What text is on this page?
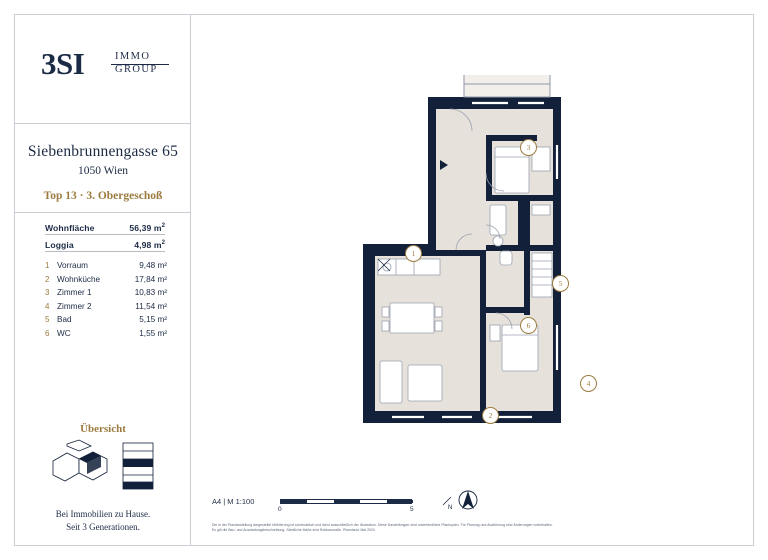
3SI	IMMO
GROUP
Siebenbrunnengasse 65
1050 Wien
Top 13 · 3. Obergeschoß
Wohnfläche	56,39 $m^2$
Loggia	4,98 $m^2$
1 Vorraum	9,48 m²
2 Wohnküche	17,84 m²
3 Zimmer 1	10,83 m²
4 Zimmer 2	11,54 m²
5 Bad	5,15 m²
6 WC	1,55 m²
Übersicht
Bei Immobilien zu Hause.
Seit 3 Generationen.
1
2
3
4
5
6
A4 | M 1:100
0	5	N
Die in der Plandarstellung dargestellte Möblierung ist schematisch und dient ausschließlich der Illustration. Diese Darstellungen sind unverbindliche Plankopien. Für Planung und Ausführung sind Änderungen vorbehalten.
Es gilt die Bau- und Ausstattungsbeschreibung. Sämtliche Maße sind Rohbaumaße. Planstand: Mai 2024
